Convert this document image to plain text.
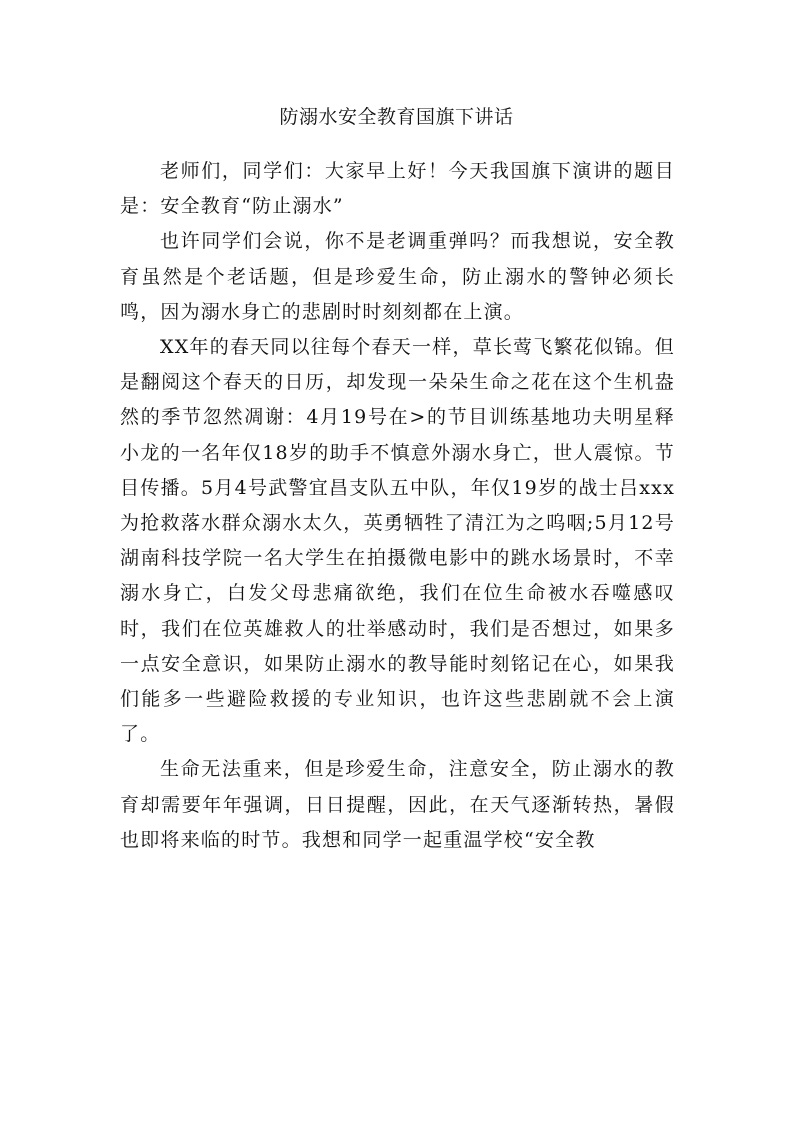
防溺水安全教育国旗下讲话

老师们，同学们：大家早上好！今天我国旗下演讲的题目是：安全教育“防止溺水”

也许同学们会说，你不是老调重弹吗？而我想说，安全教育虽然是个老话题，但是珍爱生命，防止溺水的警钟必须长鸣，因为溺水身亡的悲剧时时刻刻都在上演。

XX年的春天同以往每个春天一样，草长莺飞繁花似锦。但是翻阅这个春天的日历，却发现一朵朵生命之花在这个生机盎然的季节忽然凋谢：4月19号在>的节目训练基地功夫明星释小龙的一名年仅18岁的助手不慎意外溺水身亡，世人震惊。节目传播。5月4号武警宜昌支队五中队，年仅19岁的战士吕xxx为抢救落水群众溺水太久，英勇牺牲了清江为之呜咽;5月12号湖南科技学院一名大学生在拍摄微电影中的跳水场景时，不幸溺水身亡，白发父母悲痛欲绝，我们在位生命被水吞噬感叹时，我们在位英雄救人的壮举感动时，我们是否想过，如果多一点安全意识，如果防止溺水的教导能时刻铭记在心，如果我们能多一些避险救援的专业知识，也许这些悲剧就不会上演了。

生命无法重来，但是珍爱生命，注意安全，防止溺水的教育却需要年年强调，日日提醒，因此，在天气逐渐转热，暑假也即将来临的时节。我想和同学一起重温学校“安全教
